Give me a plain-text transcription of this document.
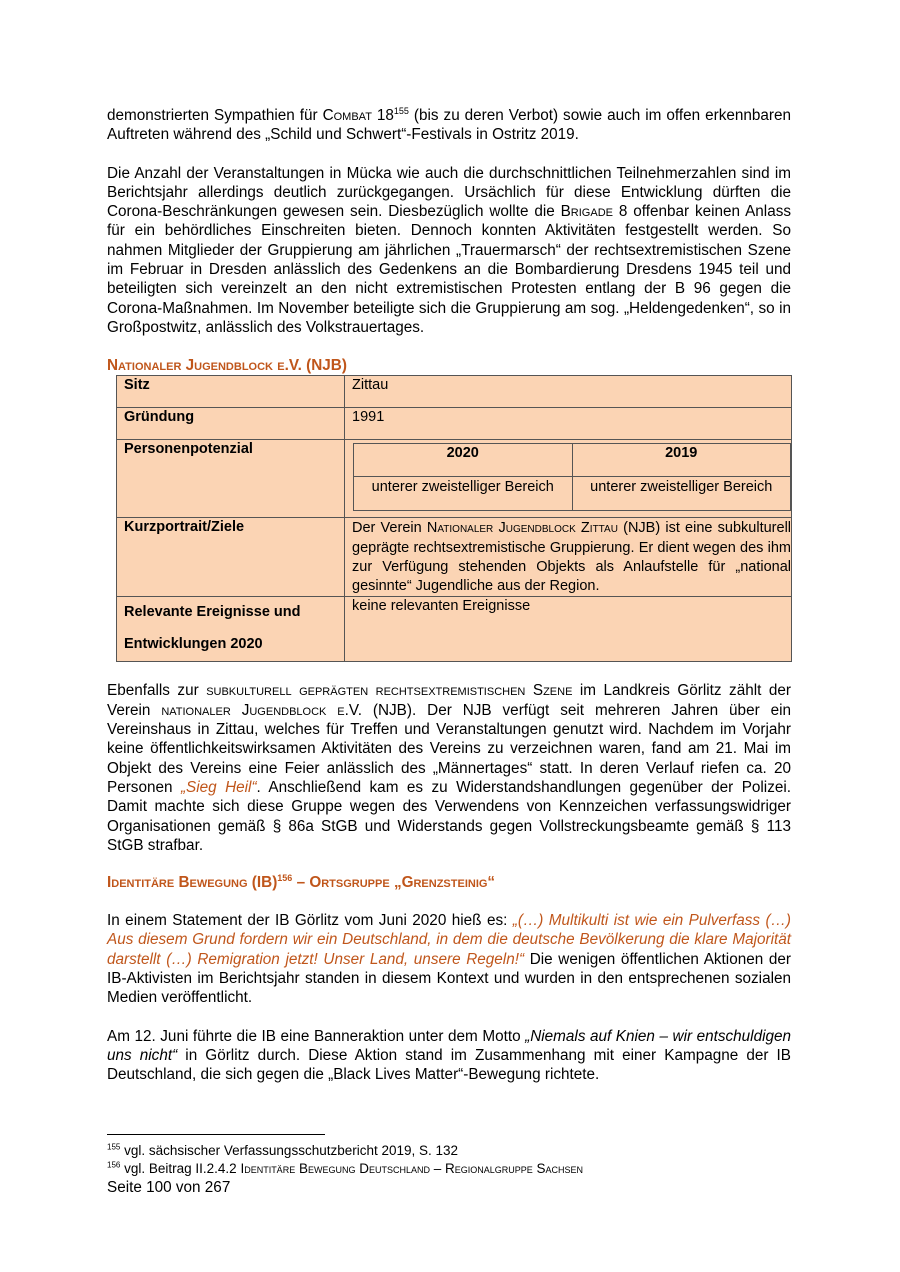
demonstrierten Sympathien für Combat $18^{155}$ (bis zu deren Verbot) sowie auch im offen erkennbaren Auftreten während des „Schild und Schwert“-Festivals in Ostritz 2019.

Die Anzahl der Veranstaltungen in Mücka wie auch die durchschnittlichen Teilnehmerzahlen sind im Berichtsjahr allerdings deutlich zurückgegangen. Ursächlich für diese Entwicklung dürften die Corona-Beschränkungen gewesen sein. Diesbezüglich wollte die Brigade 8 offenbar keinen Anlass für ein behördliches Einschreiten bieten. Dennoch konnten Aktivitäten festgestellt werden. So nahmen Mitglieder der Gruppierung am jährlichen „Trauermarsch“ der rechtsextremistischen Szene im Februar in Dresden anlässlich des Gedenkens an die Bombardierung Dresdens 1945 teil und beteiligten sich vereinzelt an den nicht extremistischen Protesten entlang der B 96 gegen die Corona-Maßnahmen. Im November beteiligte sich die Gruppierung am sog. „Heldengedenken“, so in Großpostwitz, anlässlich des Volkstrauertages.

Nationaler Jugendblock e.V. (NJB)
Sitz	Zittau
Gründung	1991
Personenpotenzial		2020	2019
unterer zweistelliger Bereich	unterer zweistelliger Bereich

Kurzportrait/Ziele	Der Verein Nationaler Jugendblock Zittau (NJB) ist eine subkulturell geprägte rechtsextremistische Gruppierung. Er dient wegen des ihm zur Verfügung stehenden Objekts als Anlaufstelle für „national gesinnte“ Jugendliche aus der Region.
Relevante Ereignisse und
Entwicklungen 2020	keine relevanten Ereignisse

Ebenfalls zur subkulturell geprägten rechtsextremistischen Szene im Landkreis Görlitz zählt der Verein nationaler Jugendblock e.V. (NJB). Der NJB verfügt seit mehreren Jahren über ein Vereinshaus in Zittau, welches für Treffen und Veranstaltungen genutzt wird. Nachdem im Vorjahr keine öffentlichkeitswirksamen Aktivitäten des Vereins zu verzeichnen waren, fand am 21. Mai im Objekt des Vereins eine Feier anlässlich des „Männertages“ statt. In deren Verlauf riefen ca. 20 Personen „Sieg Heil“. Anschließend kam es zu Widerstandshandlungen gegenüber der Polizei. Damit machte sich diese Gruppe wegen des Verwendens von Kennzeichen verfassungswidriger Organisationen gemäß § 86a StGB und Widerstands gegen Vollstreckungsbeamte gemäß § 113 StGB strafbar.

Identitäre Bewegung (IB)$^{156}$ – Ortsgruppe „Grenzsteinig“

In einem Statement der IB Görlitz vom Juni 2020 hieß es: „(…) Multikulti ist wie ein Pulverfass (…) Aus diesem Grund fordern wir ein Deutschland, in dem die deutsche Bevölkerung die klare Majorität darstellt (…) Remigration jetzt! Unser Land, unsere Regeln!“ Die wenigen öffentlichen Aktionen der IB-Aktivisten im Berichtsjahr standen in diesem Kontext und wurden in den entsprechenen sozialen Medien veröffentlicht.

Am 12. Juni führte die IB eine Banneraktion unter dem Motto „Niemals auf Knien – wir entschuldigen uns nicht“ in Görlitz durch. Diese Aktion stand im Zusammenhang mit einer Kampagne der IB Deutschland, die sich gegen die „Black Lives Matter“-Bewegung richtete.

$^{155}$ vgl. sächsischer Verfassungsschutzbericht 2019, S. 132
$^{156}$ vgl. Beitrag II.2.4.2 Identitäre Bewegung Deutschland – Regionalgruppe Sachsen
Seite 100 von 267
